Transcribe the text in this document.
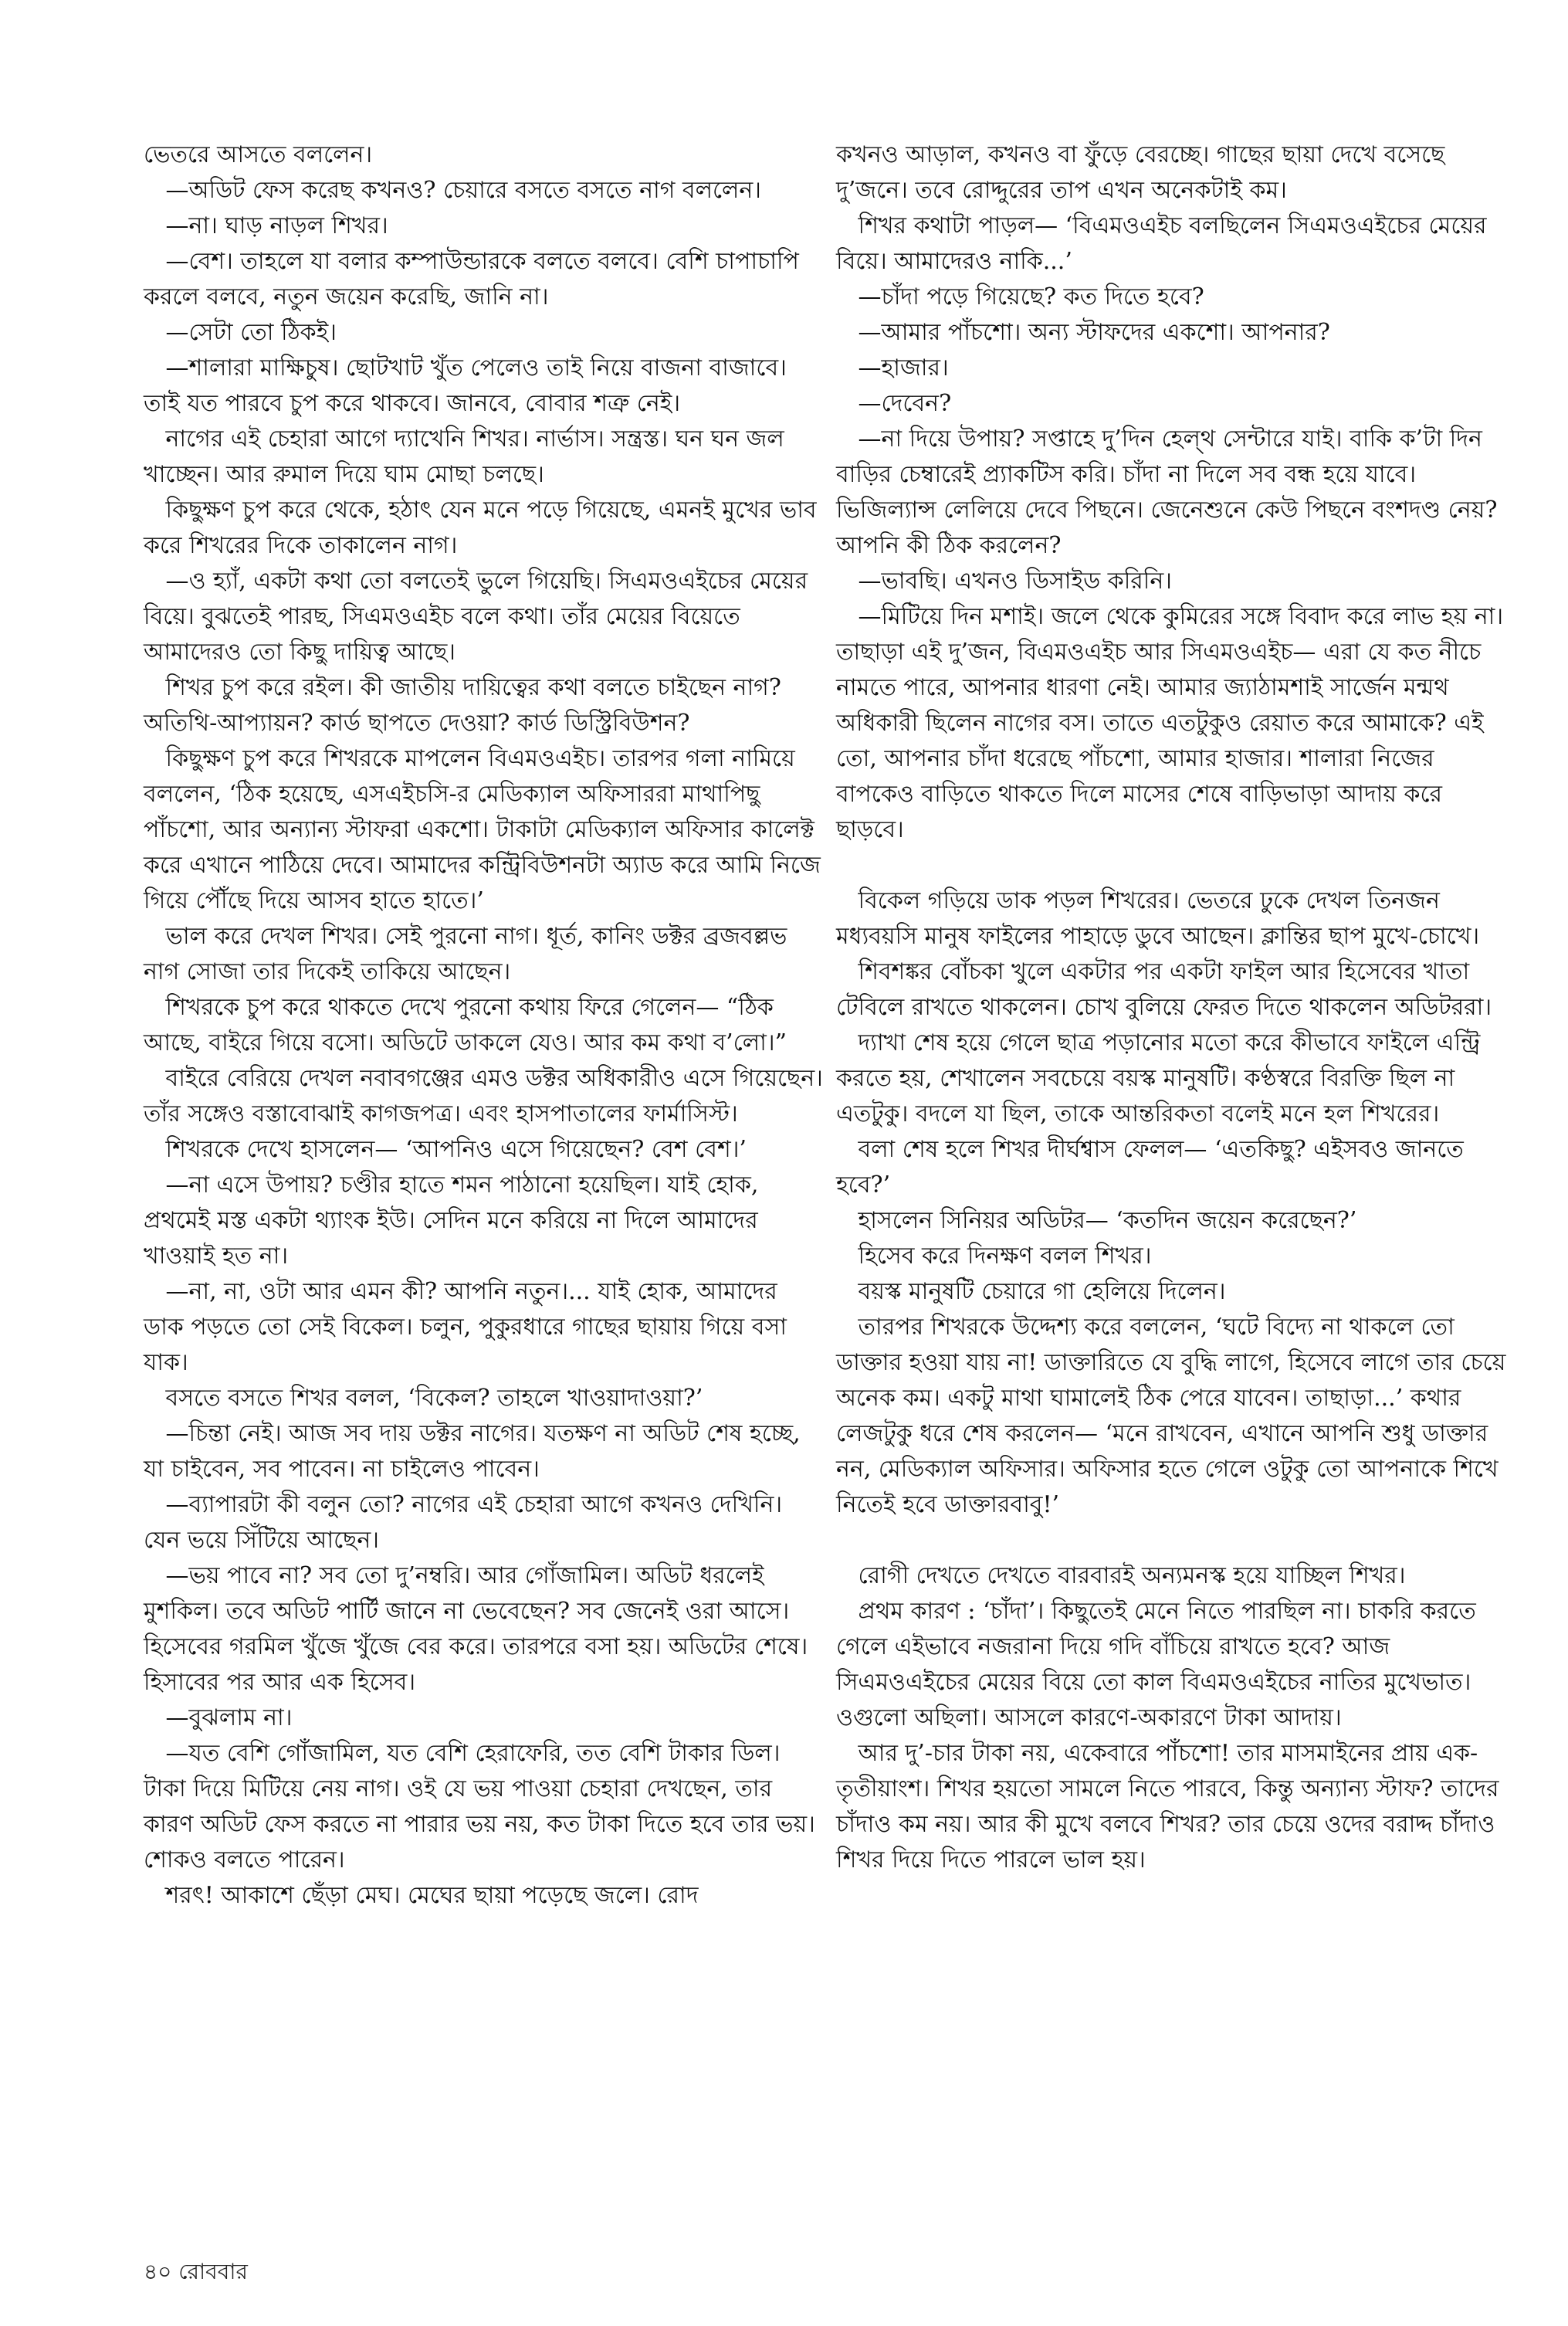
ভেতরে আসতে বললেন।

—অডিট ফেস করেছ কখনও? চেয়ারে বসতে বসতে নাগ বললেন।

—না। ঘাড় নাড়ল শিখর।

—বেশ। তাহলে যা বলার কম্পাউন্ডারকে বলতে বলবে। বেশি চাপাচাপি করলে বলবে, নতুন জয়েন করেছি, জানি না।

—সেটা তো ঠিকই।

—শালারা মাক্ষিচুষ। ছোটখাট খুঁত পেলেও তাই নিয়ে বাজনা বাজাবে। তাই যত পারবে চুপ করে থাকবে। জানবে, বোবার শত্রু নেই।

নাগের এই চেহারা আগে দ্যাখেনি শিখর। নার্ভাস। সন্ত্রস্ত। ঘন ঘন জল খাচ্ছেন। আর রুমাল দিয়ে ঘাম মোছা চলছে।

কিছুক্ষণ চুপ করে থেকে, হঠাৎ যেন মনে পড়ে গিয়েছে, এমনই মুখের ভাব করে শিখরের দিকে তাকালেন নাগ।

—ও হ্যাঁ, একটা কথা তো বলতেই ভুলে গিয়েছি। সিএমওএইচের মেয়ের বিয়ে। বুঝতেই পারছ, সিএমওএইচ বলে কথা। তাঁর মেয়ের বিয়েতে আমাদেরও তো কিছু দায়িত্ব আছে।

শিখর চুপ করে রইল। কী জাতীয় দায়িত্বের কথা বলতে চাইছেন নাগ? অতিথি-আপ্যায়ন? কার্ড ছাপতে দেওয়া? কার্ড ডিস্ট্রিবিউশন?

কিছুক্ষণ চুপ করে শিখরকে মাপলেন বিএমওএইচ। তারপর গলা নামিয়ে বললেন, ‘ঠিক হয়েছে, এসএইচসি-র মেডিক্যাল অফিসাররা মাথাপিছু পাঁচশো, আর অন্যান্য স্টাফরা একশো। টাকাটা মেডিক্যাল অফিসার কালেক্ট করে এখানে পাঠিয়ে দেবে। আমাদের কন্ট্রিবিউশনটা অ্যাড করে আমি নিজে গিয়ে পৌঁছে দিয়ে আসব হাতে হাতে।’

ভাল করে দেখল শিখর। সেই পুরনো নাগ। ধূর্ত, কানিং ডক্টর ব্রজবল্লভ নাগ সোজা তার দিকেই তাকিয়ে আছেন।

শিখরকে চুপ করে থাকতে দেখে পুরনো কথায় ফিরে গেলেন— “ঠিক আছে, বাইরে গিয়ে বসো। অডিটে ডাকলে যেও। আর কম কথা ব’লো।”

বাইরে বেরিয়ে দেখল নবাবগঞ্জের এমও ডক্টর অধিকারীও এসে গিয়েছেন। তাঁর সঙ্গেও বস্তাবোঝাই কাগজপত্র। এবং হাসপাতালের ফার্মাসিস্ট।

শিখরকে দেখে হাসলেন— ‘আপনিও এসে গিয়েছেন? বেশ বেশ।’

—না এসে উপায়? চণ্ডীর হাতে শমন পাঠানো হয়েছিল। যাই হোক, প্রথমেই মস্ত একটা থ্যাংক ইউ। সেদিন মনে করিয়ে না দিলে আমাদের খাওয়াই হত না।

—না, না, ওটা আর এমন কী? আপনি নতুন।... যাই হোক, আমাদের ডাক পড়তে তো সেই বিকেল। চলুন, পুকুরধারে গাছের ছায়ায় গিয়ে বসা যাক।

বসতে বসতে শিখর বলল, ‘বিকেল? তাহলে খাওয়াদাওয়া?’

—চিন্তা নেই। আজ সব দায় ডক্টর নাগের। যতক্ষণ না অডিট শেষ হচ্ছে, যা চাইবেন, সব পাবেন। না চাইলেও পাবেন।

—ব্যাপারটা কী বলুন তো? নাগের এই চেহারা আগে কখনও দেখিনি। যেন ভয়ে সিঁটিয়ে আছেন।

—ভয় পাবে না? সব তো দু’নম্বরি। আর গোঁজামিল। অডিট ধরলেই মুশকিল। তবে অডিট পার্টি জানে না ভেবেছেন? সব জেনেই ওরা আসে। হিসেবের গরমিল খুঁজে খুঁজে বের করে। তারপরে বসা হয়। অডিটের শেষে। হিসাবের পর আর এক হিসেব।

—বুঝলাম না।

—যত বেশি গোঁজামিল, যত বেশি হেরাফেরি, তত বেশি টাকার ডিল। টাকা দিয়ে মিটিয়ে নেয় নাগ। ওই যে ভয় পাওয়া চেহারা দেখছেন, তার কারণ অডিট ফেস করতে না পারার ভয় নয়, কত টাকা দিতে হবে তার ভয়। শোকও বলতে পারেন।

শরৎ! আকাশে ছেঁড়া মেঘ। মেঘের ছায়া পড়েছে জলে। রোদ

কখনও আড়াল, কখনও বা ফুঁড়ে বেরচ্ছে। গাছের ছায়া দেখে বসেছে দু’জনে। তবে রোদ্দুরের তাপ এখন অনেকটাই কম।

শিখর কথাটা পাড়ল— ‘বিএমওএইচ বলছিলেন সিএমওএইচের মেয়ের বিয়ে। আমাদেরও নাকি...’

—চাঁদা পড়ে গিয়েছে? কত দিতে হবে?

—আমার পাঁচশো। অন্য স্টাফদের একশো। আপনার?

—হাজার।

—দেবেন?

—না দিয়ে উপায়? সপ্তাহে দু’দিন হেল্থ সেন্টারে যাই। বাকি ক’টা দিন বাড়ির চেম্বারেই প্র্যাকটিস করি। চাঁদা না দিলে সব বন্ধ হয়ে যাবে। ভিজিল্যান্স লেলিয়ে দেবে পিছনে। জেনেশুনে কেউ পিছনে বংশদণ্ড নেয়? আপনি কী ঠিক করলেন?

—ভাবছি। এখনও ডিসাইড করিনি।

—মিটিয়ে দিন মশাই। জলে থেকে কুমিরের সঙ্গে বিবাদ করে লাভ হয় না। তাছাড়া এই দু’জন, বিএমওএইচ আর সিএমওএইচ— এরা যে কত নীচে নামতে পারে, আপনার ধারণা নেই। আমার জ্যাঠামশাই সার্জেন মন্মথ অধিকারী ছিলেন নাগের বস। তাতে এতটুকুও রেয়াত করে আমাকে? এই তো, আপনার চাঁদা ধরেছে পাঁচশো, আমার হাজার। শালারা নিজের বাপকেও বাড়িতে থাকতে দিলে মাসের শেষে বাড়িভাড়া আদায় করে ছাড়বে।

বিকেল গড়িয়ে ডাক পড়ল শিখরের। ভেতরে ঢুকে দেখল তিনজন মধ্যবয়সি মানুষ ফাইলের পাহাড়ে ডুবে আছেন। ক্লান্তির ছাপ মুখে-চোখে।

শিবশঙ্কর বোঁচকা খুলে একটার পর একটা ফাইল আর হিসেবের খাতা টেবিলে রাখতে থাকলেন। চোখ বুলিয়ে ফেরত দিতে থাকলেন অডিটররা।

দ্যাখা শেষ হয়ে গেলে ছাত্র পড়ানোর মতো করে কীভাবে ফাইলে এন্ট্রি করতে হয়, শেখালেন সবচেয়ে বয়স্ক মানুষটি। কণ্ঠস্বরে বিরক্তি ছিল না এতটুকু। বদলে যা ছিল, তাকে আন্তরিকতা বলেই মনে হল শিখরের।

বলা শেষ হলে শিখর দীর্ঘশ্বাস ফেলল— ‘এতকিছু? এইসবও জানতে হবে?’

হাসলেন সিনিয়র অডিটর— ‘কতদিন জয়েন করেছেন?’

হিসেব করে দিনক্ষণ বলল শিখর।

বয়স্ক মানুষটি চেয়ারে গা হেলিয়ে দিলেন।

তারপর শিখরকে উদ্দেশ্য করে বললেন, ‘ঘটে বিদ্যে না থাকলে তো ডাক্তার হওয়া যায় না! ডাক্তারিতে যে বুদ্ধি লাগে, হিসেবে লাগে তার চেয়ে অনেক কম। একটু মাথা ঘামালেই ঠিক পেরে যাবেন। তাছাড়া...’ কথার লেজটুকু ধরে শেষ করলেন— ‘মনে রাখবেন, এখানে আপনি শুধু ডাক্তার নন, মেডিক্যাল অফিসার। অফিসার হতে গেলে ওটুকু তো আপনাকে শিখে নিতেই হবে ডাক্তারবাবু!’

রোগী দেখতে দেখতে বারবারই অন্যমনস্ক হয়ে যাচ্ছিল শিখর।

প্রথম কারণ : ‘চাঁদা’। কিছুতেই মেনে নিতে পারছিল না। চাকরি করতে গেলে এইভাবে নজরানা দিয়ে গদি বাঁচিয়ে রাখতে হবে? আজ সিএমওএইচের মেয়ের বিয়ে তো কাল বিএমওএইচের নাতির মুখেভাত। ওগুলো অছিলা। আসলে কারণে-অকারণে টাকা আদায়।

আর দু’-চার টাকা নয়, একেবারে পাঁচশো! তার মাসমাইনের প্রায় এক-তৃতীয়াংশ। শিখর হয়তো সামলে নিতে পারবে, কিন্তু অন্যান্য স্টাফ? তাদের চাঁদাও কম নয়। আর কী মুখে বলবে শিখর? তার চেয়ে ওদের বরাদ্দ চাঁদাও শিখর দিয়ে দিতে পারলে ভাল হয়।

৪০ রোববার
